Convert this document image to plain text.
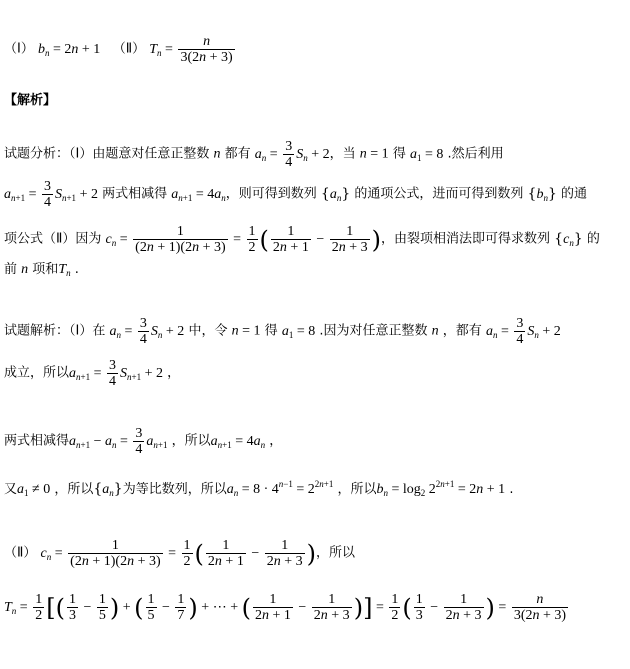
（Ⅰ） $b_n = 2n + 1$ （Ⅱ） $T_n = \frac{n}{3(2n + 3)}$
【解析】
试题分析：（Ⅰ）由题意对任意正整数 n 都有 $a_n = \frac{3}{4} S_n + 2$，当 n = 1 得 $a_1 = 8$ .然后利用
$a_{n+1} = \frac{3}{4} S_{n+1} + 2$ 两式相减得 $a_{n+1} = 4a_n$，则可得到数列 $\{a_n\}$ 的通项公式，进而可得到数列 $\{b_n\}$ 的通
项公式（Ⅱ）因为 $c_n = \frac{1}{(2n + 1)(2n + 3)} = \frac{1}{2}$ ( $\frac{1}{2n + 1} - \frac{1}{2n + 3}$ )，由裂项相消法即可得求数列 $\{c_n\}$ 的
前 n 项和$T_n$ .
试题解析：（Ⅰ）在 $a_n = \frac{3}{4} S_n + 2$ 中，令 n = 1 得 $a_1 = 8$ .因为对任意正整数 n ，都有 $a_n = \frac{3}{4} S_n + 2$
成立，所以$a_{n+1} = \frac{3}{4} S_{n+1} + 2$ ，
两式相减得$a_{n+1} - a_n = \frac{3}{4} a_{n+1}$ ，所以$a_{n+1} = 4a_n$ ，
又$a_1 \ne 0$ ，所以$\{a_n\}$为等比数列，所以$a_n = 8 \cdot 4^{n-1} = 2^{2n+1}$ ，所以$b_n = \log_2 2^{2n+1} = 2n + 1$ .
（Ⅱ） $c_n = \frac{1}{(2n + 1)(2n + 3)} = \frac{1}{2}$ ( $\frac{1}{2n + 1} - \frac{1}{2n + 3}$ )，所以
$T_n = \frac{1}{2}$ [( $\frac{1}{3} - \frac{1}{5}$ ) + ( $\frac{1}{5} - \frac{1}{7}$ ) + ⋯ + ( $\frac{1}{2n + 1} - \frac{1}{2n + 3}$ )] = $\frac{1}{2}$ ( $\frac{1}{3} - \frac{1}{2n + 3}$ ) = $\frac{n}{3(2n + 3)}$
